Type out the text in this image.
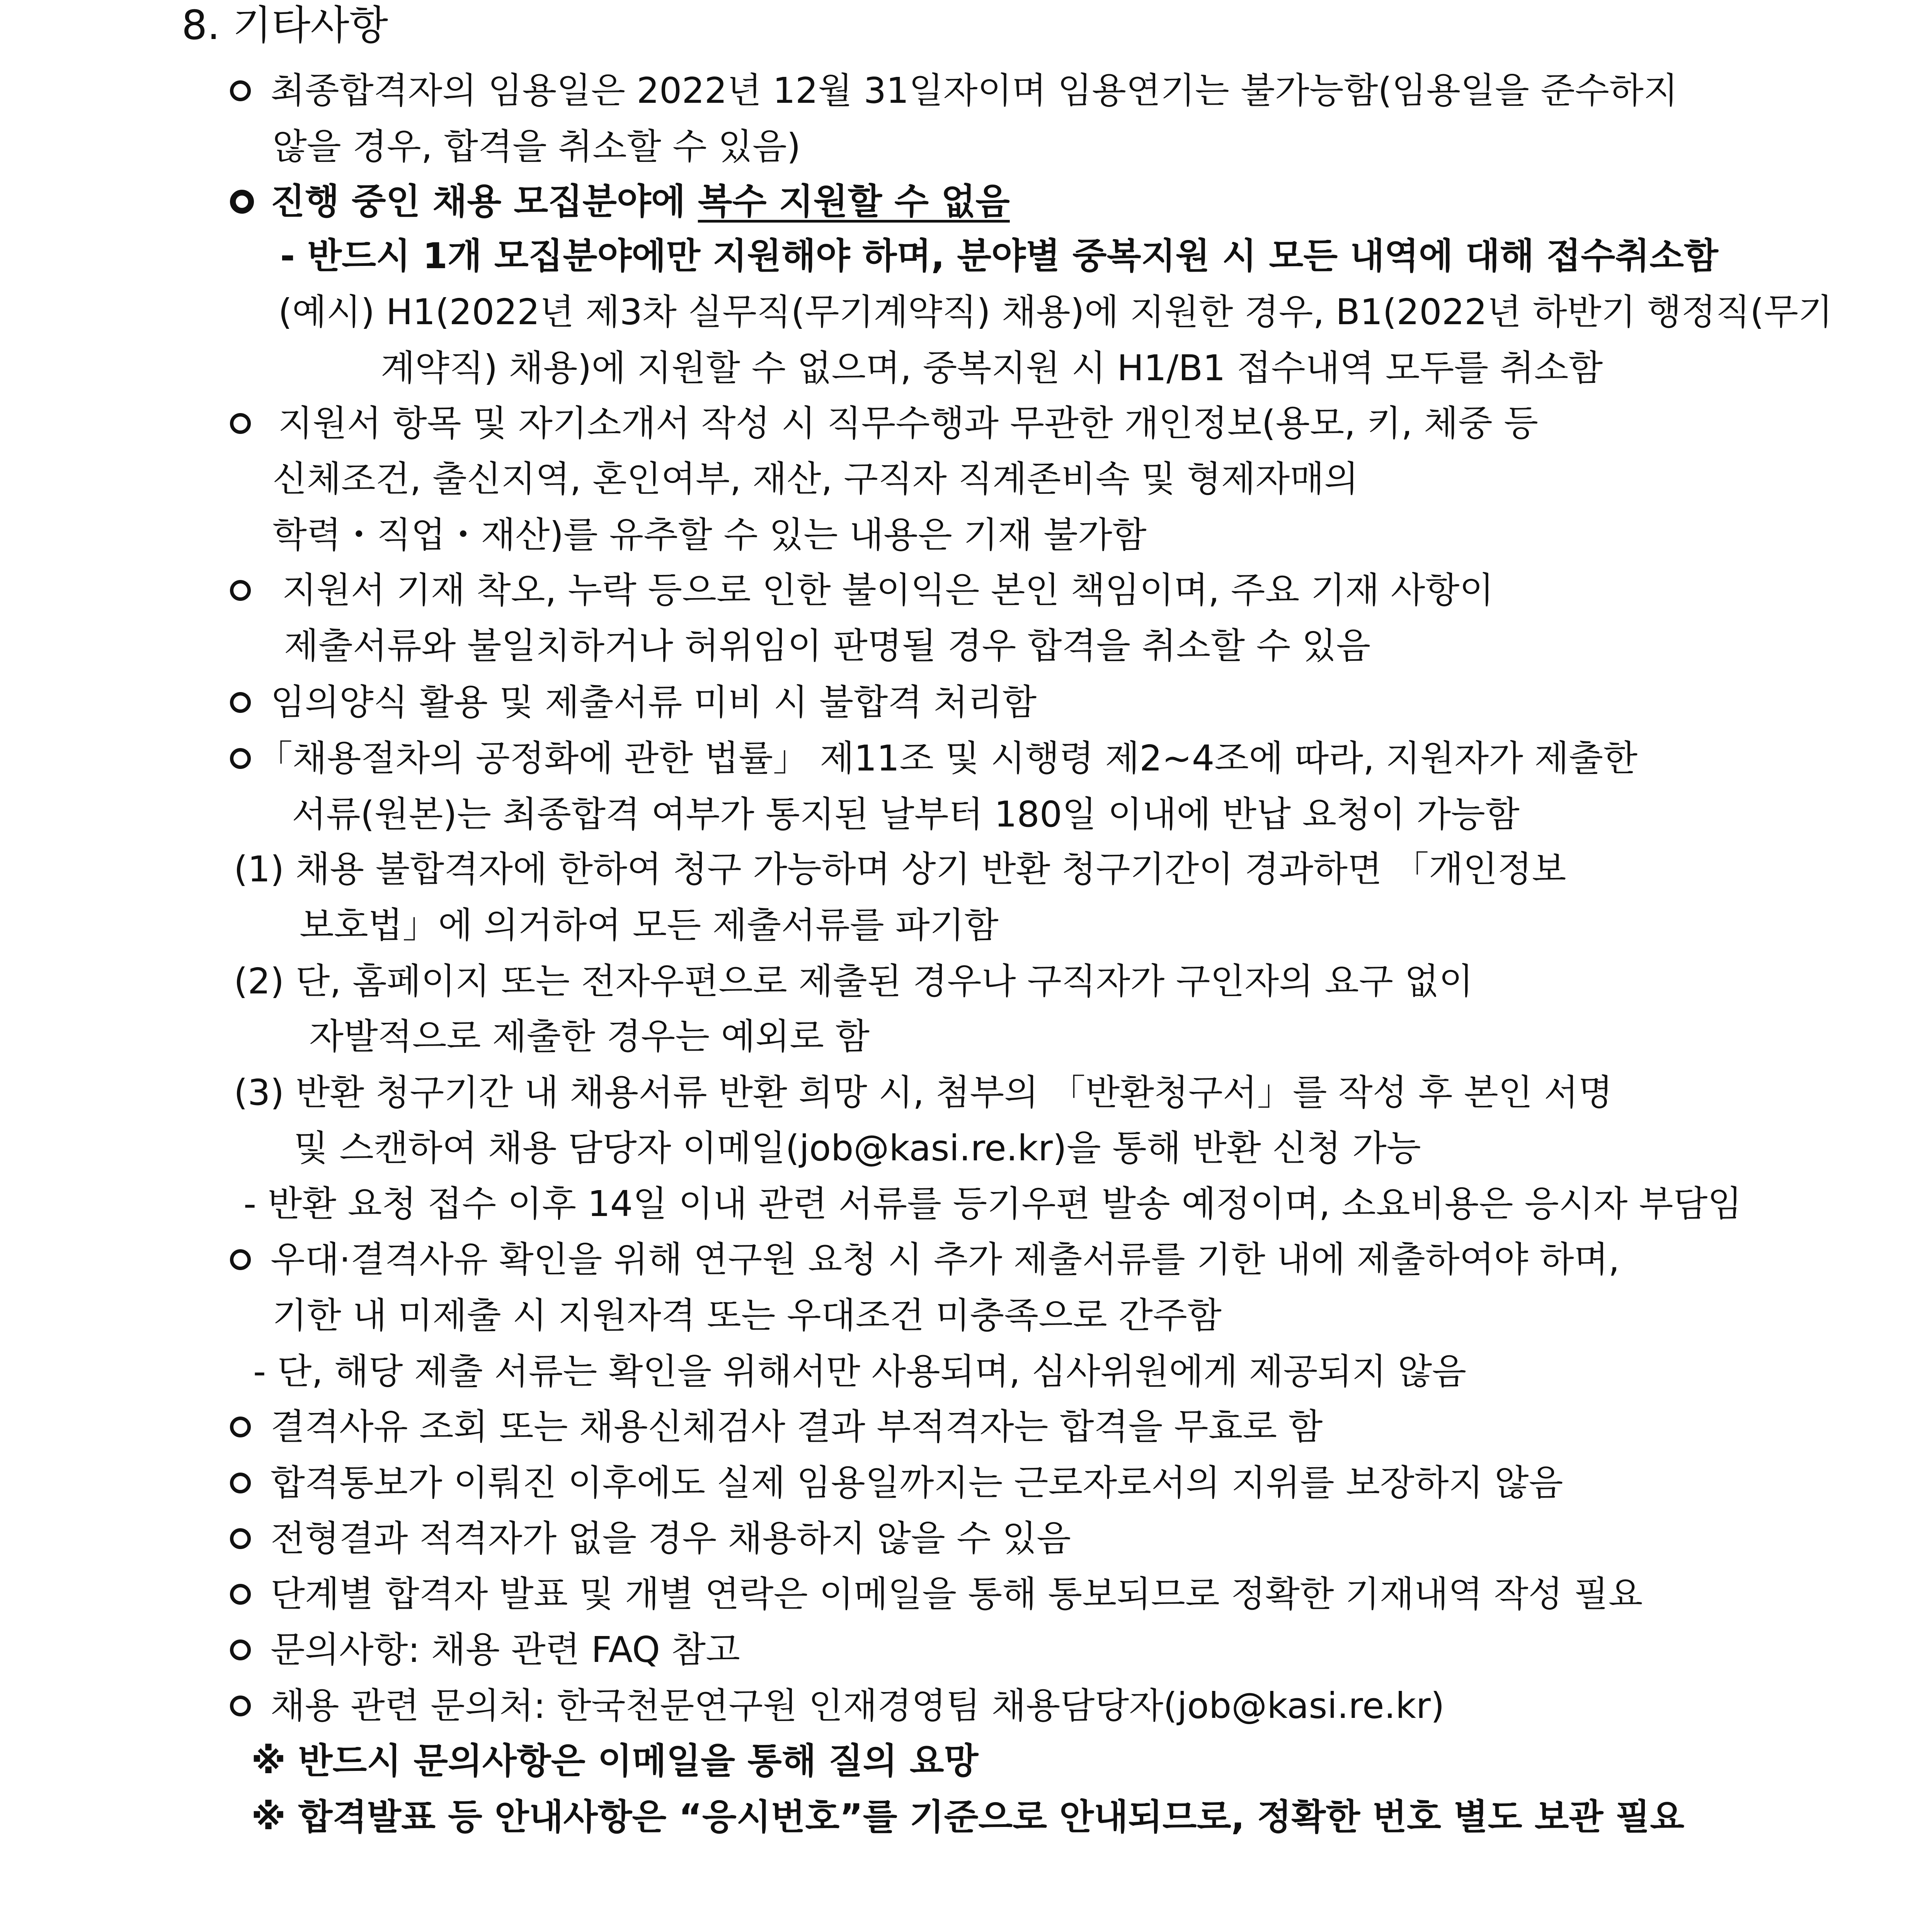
8. 기타사항
최종합격자의 임용일은 2022년 12월 31일자이며 임용연기는 불가능함(임용일을 준수하지
않을 경우, 합격을 취소할 수 있음)
진행 중인 채용 모집분야에 복수 지원할 수 없음
- 반드시 1개 모집분야에만 지원해야 하며, 분야별 중복지원 시 모든 내역에 대해 접수취소함
(예시) H1(2022년 제3차 실무직(무기계약직) 채용)에 지원한 경우, B1(2022년 하반기 행정직(무기
계약직) 채용)에 지원할 수 없으며, 중복지원 시 H1/B1 접수내역 모두를 취소함
지원서 항목 및 자기소개서 작성 시 직무수행과 무관한 개인정보(용모, 키, 체중 등
신체조건, 출신지역, 혼인여부, 재산, 구직자 직계존비속 및 형제자매의
학력・직업・재산)를 유추할 수 있는 내용은 기재 불가함
지원서 기재 착오, 누락 등으로 인한 불이익은 본인 책임이며, 주요 기재 사항이
제출서류와 불일치하거나 허위임이 판명될 경우 합격을 취소할 수 있음
임의양식 활용 및 제출서류 미비 시 불합격 처리함
「채용절차의 공정화에 관한 법률」 제11조 및 시행령 제2~4조에 따라, 지원자가 제출한
서류(원본)는 최종합격 여부가 통지된 날부터 180일 이내에 반납 요청이 가능함
(1) 채용 불합격자에 한하여 청구 가능하며 상기 반환 청구기간이 경과하면 「개인정보
보호법」에 의거하여 모든 제출서류를 파기함
(2) 단, 홈페이지 또는 전자우편으로 제출된 경우나 구직자가 구인자의 요구 없이
자발적으로 제출한 경우는 예외로 함
(3) 반환 청구기간 내 채용서류 반환 희망 시, 첨부의 「반환청구서」를 작성 후 본인 서명
및 스캔하여 채용 담당자 이메일(job@kasi.re.kr)을 통해 반환 신청 가능
- 반환 요청 접수 이후 14일 이내 관련 서류를 등기우편 발송 예정이며, 소요비용은 응시자 부담임
우대·결격사유 확인을 위해 연구원 요청 시 추가 제출서류를 기한 내에 제출하여야 하며,
기한 내 미제출 시 지원자격 또는 우대조건 미충족으로 간주함
- 단, 해당 제출 서류는 확인을 위해서만 사용되며, 심사위원에게 제공되지 않음
결격사유 조회 또는 채용신체검사 결과 부적격자는 합격을 무효로 함
합격통보가 이뤄진 이후에도 실제 임용일까지는 근로자로서의 지위를 보장하지 않음
전형결과 적격자가 없을 경우 채용하지 않을 수 있음
단계별 합격자 발표 및 개별 연락은 이메일을 통해 통보되므로 정확한 기재내역 작성 필요
문의사항: 채용 관련 FAQ 참고
채용 관련 문의처: 한국천문연구원 인재경영팀 채용담당자(job@kasi.re.kr)
※ 반드시 문의사항은 이메일을 통해 질의 요망
※ 합격발표 등 안내사항은 “응시번호”를 기준으로 안내되므로, 정확한 번호 별도 보관 필요
